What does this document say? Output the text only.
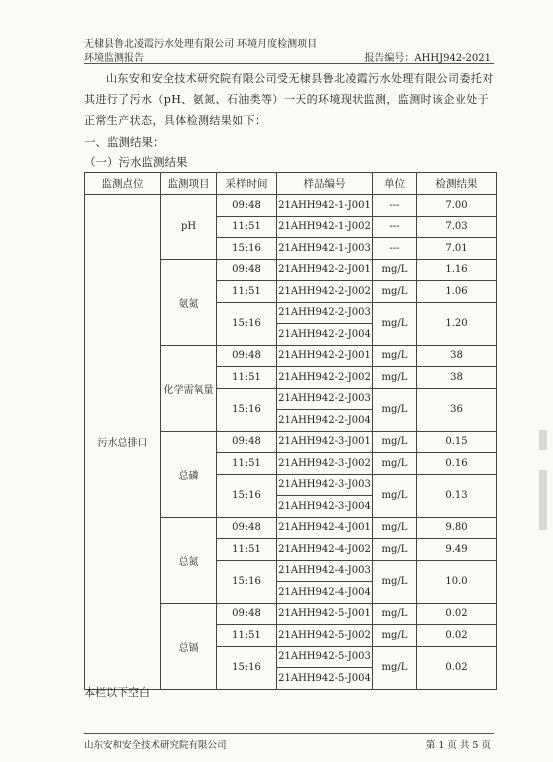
无棣县鲁北凌霞污水处理有限公司 环境月度检测项目
环境监测报告	报告编号：AHHJ942-2021
山东安和安全技术研究院有限公司受无棣县鲁北凌霞污水处理有限公司委托对其进行了污水（pH、氨氮、石油类等）一天的环境现状监测，监测时该企业处于正常生产状态，具体检测结果如下：
一、监测结果：
（一）污水监测结果
监测点位	监测项目	采样时间	样品编号	单位	检测结果
污水总排口	pH	09:48	21AHH942-1-J001	---	7.00
		11:51	21AHH942-1-J002	---	7.03
		15:16	21AHH942-1-J003	---	7.01
	氨氮	09:48	21AHH942-2-J001	mg/L	1.16
		11:51	21AHH942-2-J002	mg/L	1.06
		15:16	21AHH942-2-J003	mg/L	1.20
			21AHH942-2-J004		
	化学需氧量	09:48	21AHH942-2-J001	mg/L	38
		11:51	21AHH942-2-J002	mg/L	38
		15:16	21AHH942-2-J003	mg/L	36
			21AHH942-2-J004		
	总磷	09:48	21AHH942-3-J001	mg/L	0.15
		11:51	21AHH942-3-J002	mg/L	0.16
		15:16	21AHH942-3-J003	mg/L	0.13
			21AHH942-3-J004		
	总氮	09:48	21AHH942-4-J001	mg/L	9.80
		11:51	21AHH942-4-J002	mg/L	9.49
		15:16	21AHH942-4-J003	mg/L	10.0
			21AHH942-4-J004		
	总镉	09:48	21AHH942-5-J001	mg/L	0.02
		11:51	21AHH942-5-J002	mg/L	0.02
		15:16	21AHH942-5-J003	mg/L	0.02
			21AHH942-5-J004		
本栏以下空白
山东安和安全技术研究院有限公司	第 1 页 共 5 页
